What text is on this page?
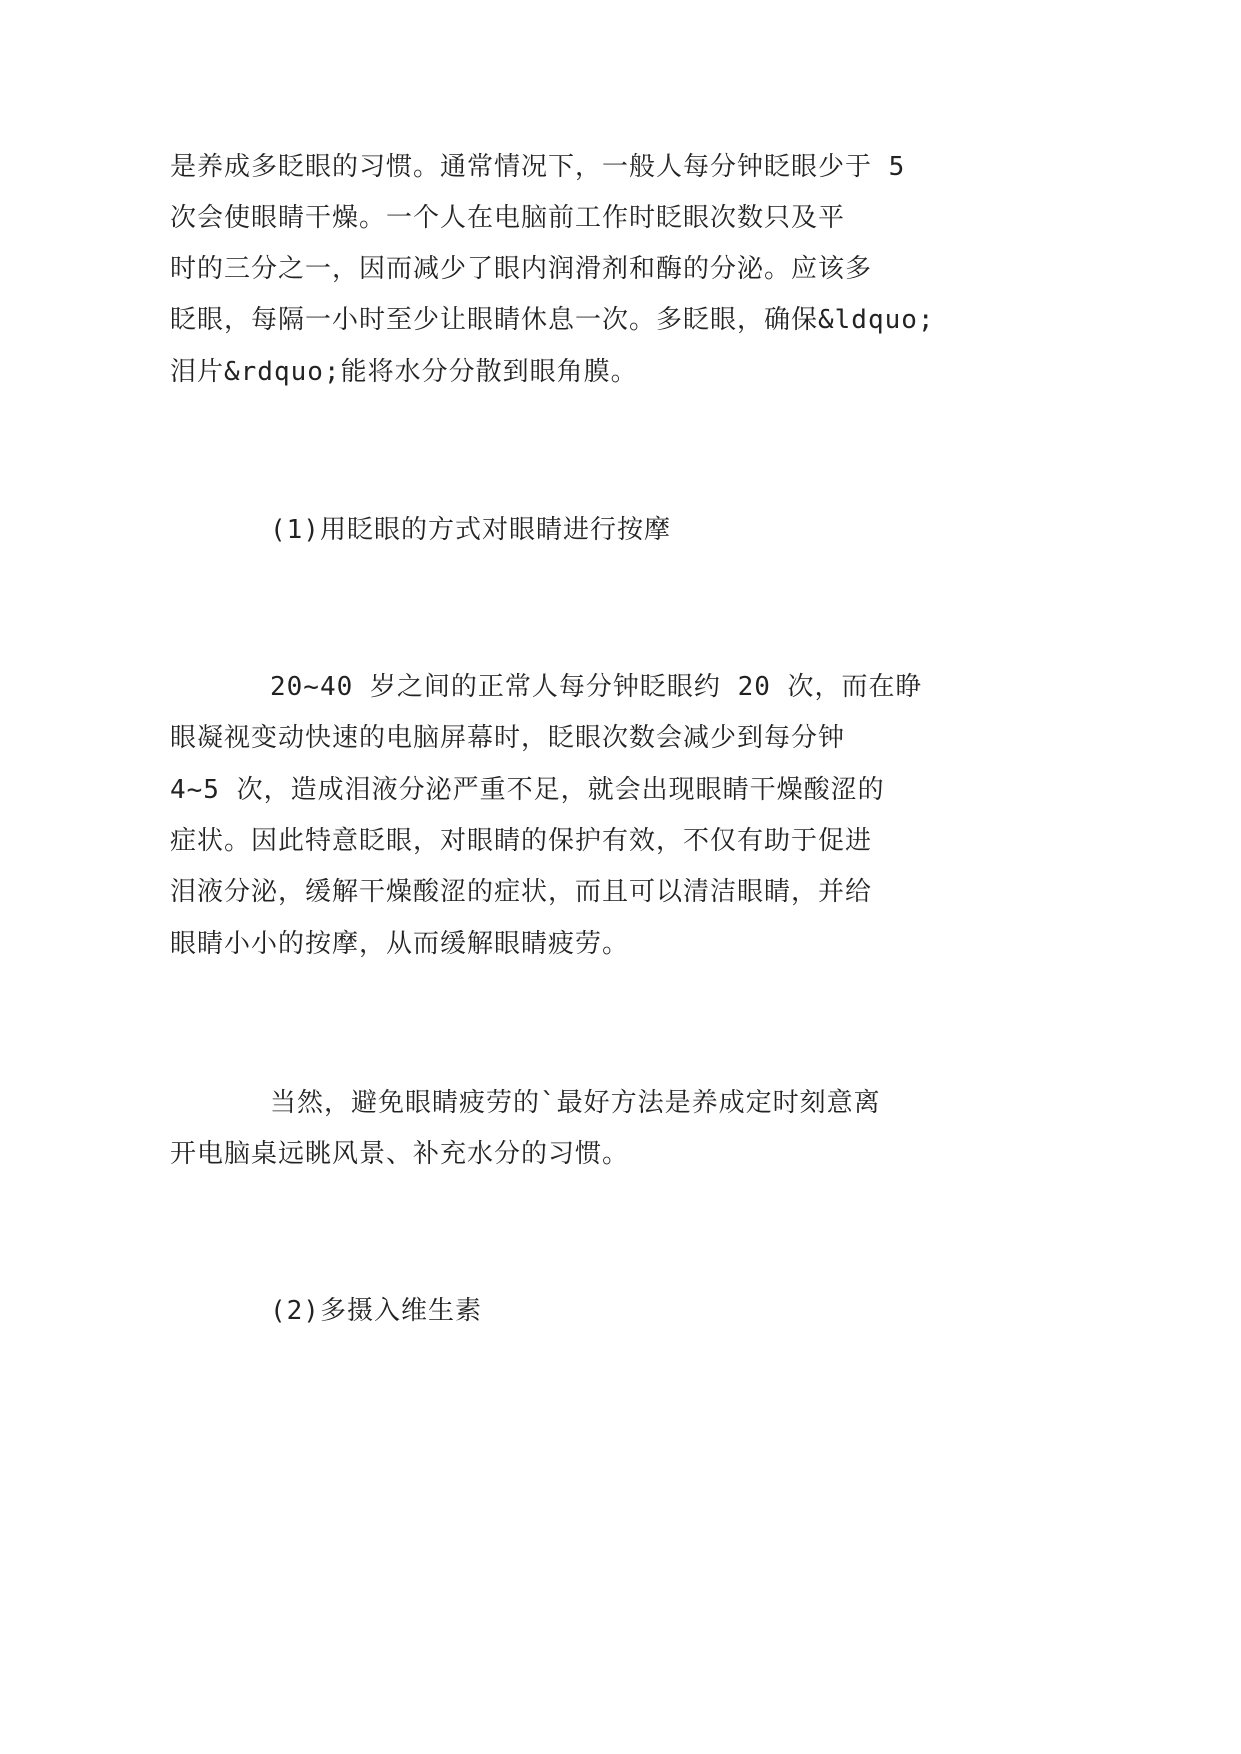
是养成多眨眼的习惯。通常情况下，一般人每分钟眨眼少于 5
次会使眼睛干燥。一个人在电脑前工作时眨眼次数只及平
时的三分之一，因而减少了眼内润滑剂和酶的分泌。应该多
眨眼，每隔一小时至少让眼睛休息一次。多眨眼，确保&ldquo;
泪片&rdquo;能将水分分散到眼角膜。
(1)用眨眼的方式对眼睛进行按摩
20~40 岁之间的正常人每分钟眨眼约 20 次，而在睁
眼凝视变动快速的电脑屏幕时，眨眼次数会减少到每分钟
4~5 次，造成泪液分泌严重不足，就会出现眼睛干燥酸涩的
症状。因此特意眨眼，对眼睛的保护有效，不仅有助于促进
泪液分泌，缓解干燥酸涩的症状，而且可以清洁眼睛，并给
眼睛小小的按摩，从而缓解眼睛疲劳。
当然，避免眼睛疲劳的`最好方法是养成定时刻意离
开电脑桌远眺风景、补充水分的习惯。
(2)多摄入维生素
